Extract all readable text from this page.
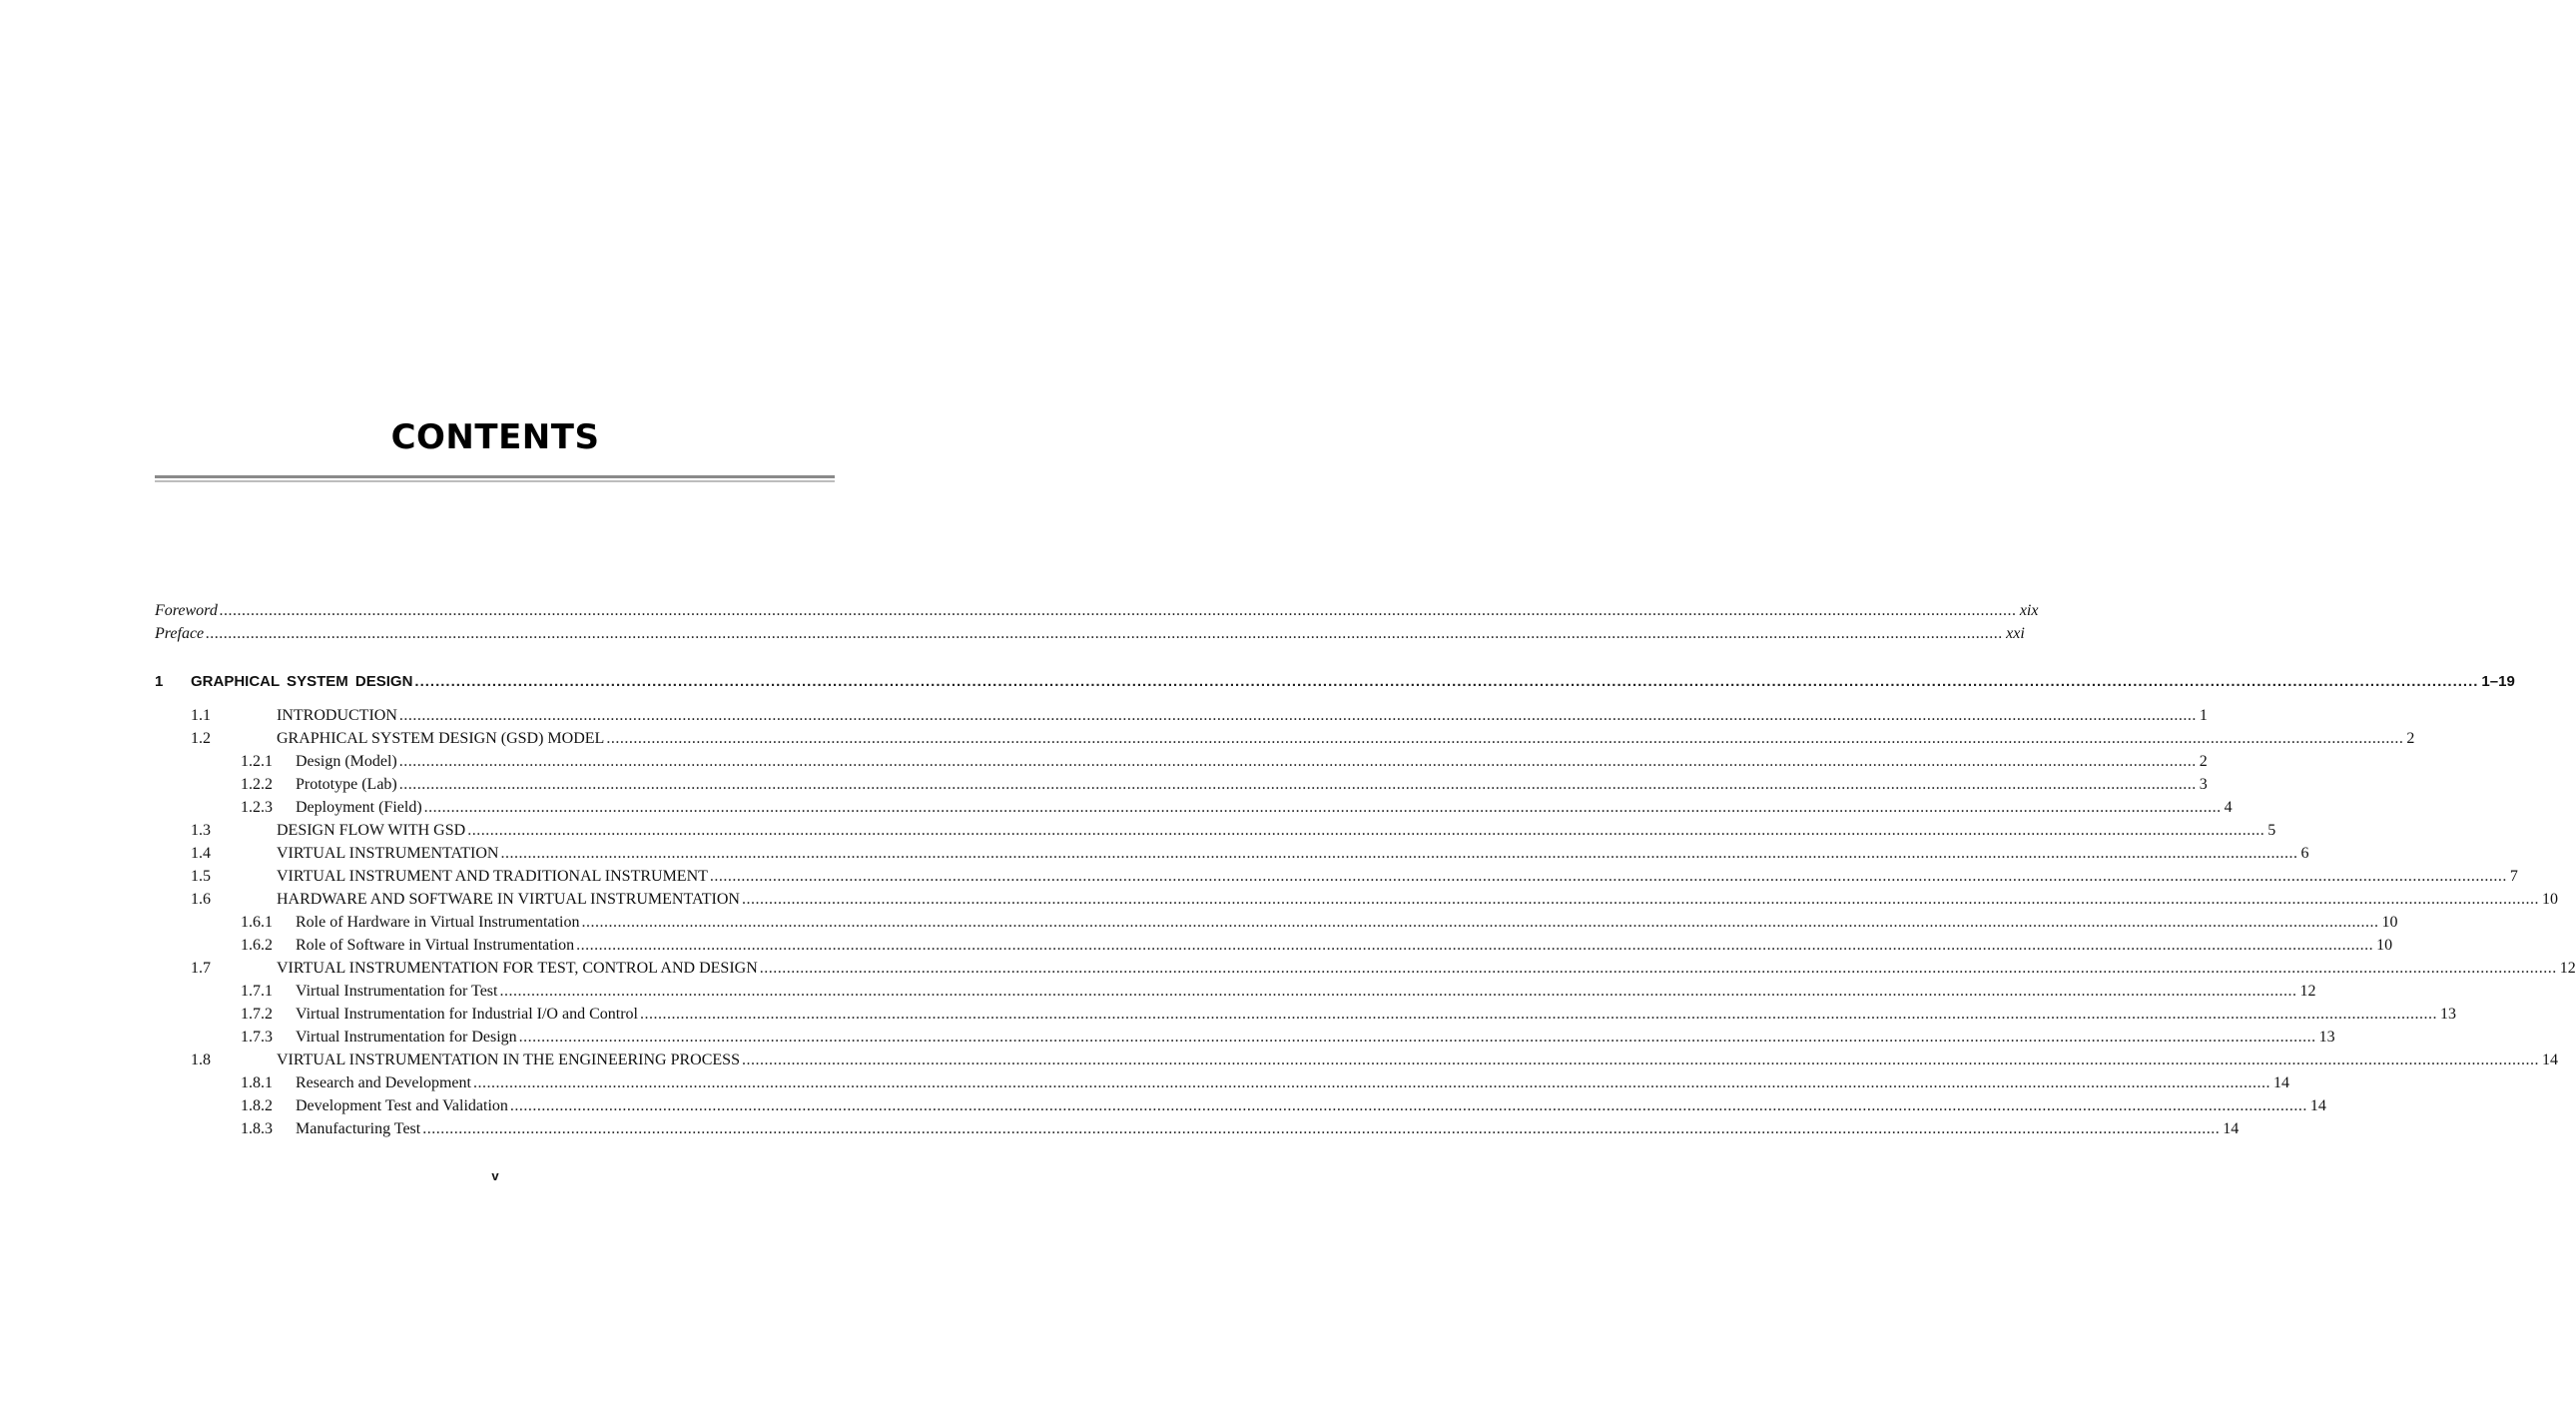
CONTENTS
Foreword ................................................................................................................................................................................................................................................................................................................................................................................................................ xix
Preface ................................................................................................................................................................................................................................................................................................................................................................................................................ xxi
1 GRAPHICAL SYSTEM DESIGN ................................................................................................................................................................................................................................................................................................................................................................................................................ 1–19
1.1	INTRODUCTION ................................................................................................................................................................................................................................................................................................................................................................................................................ 1
1.2	GRAPHICAL SYSTEM DESIGN (GSD) MODEL ................................................................................................................................................................................................................................................................................................................................................................................................................ 2
1.2.1 Design (Model) ................................................................................................................................................................................................................................................................................................................................................................................................................ 2
1.2.2 Prototype (Lab) ................................................................................................................................................................................................................................................................................................................................................................................................................ 3
1.2.3 Deployment (Field) ................................................................................................................................................................................................................................................................................................................................................................................................................ 4
1.3	DESIGN FLOW WITH GSD ................................................................................................................................................................................................................................................................................................................................................................................................................ 5
1.4	VIRTUAL INSTRUMENTATION ................................................................................................................................................................................................................................................................................................................................................................................................................ 6
1.5	VIRTUAL INSTRUMENT AND TRADITIONAL INSTRUMENT ................................................................................................................................................................................................................................................................................................................................................................................................................ 7
1.6	HARDWARE AND SOFTWARE IN VIRTUAL INSTRUMENTATION ................................................................................................................................................................................................................................................................................................................................................................................................................ 10
1.6.1 Role of Hardware in Virtual Instrumentation ................................................................................................................................................................................................................................................................................................................................................................................................................ 10
1.6.2 Role of Software in Virtual Instrumentation ................................................................................................................................................................................................................................................................................................................................................................................................................ 10
1.7	VIRTUAL INSTRUMENTATION FOR TEST, CONTROL AND DESIGN ................................................................................................................................................................................................................................................................................................................................................................................................................ 12
1.7.1 Virtual Instrumentation for Test ................................................................................................................................................................................................................................................................................................................................................................................................................ 12
1.7.2 Virtual Instrumentation for Industrial I/O and Control ................................................................................................................................................................................................................................................................................................................................................................................................................ 13
1.7.3 Virtual Instrumentation for Design ................................................................................................................................................................................................................................................................................................................................................................................................................ 13
1.8	VIRTUAL INSTRUMENTATION IN THE ENGINEERING PROCESS ................................................................................................................................................................................................................................................................................................................................................................................................................ 14
1.8.1 Research and Development ................................................................................................................................................................................................................................................................................................................................................................................................................ 14
1.8.2 Development Test and Validation ................................................................................................................................................................................................................................................................................................................................................................................................................ 14
1.8.3 Manufacturing Test ................................................................................................................................................................................................................................................................................................................................................................................................................ 14
v
